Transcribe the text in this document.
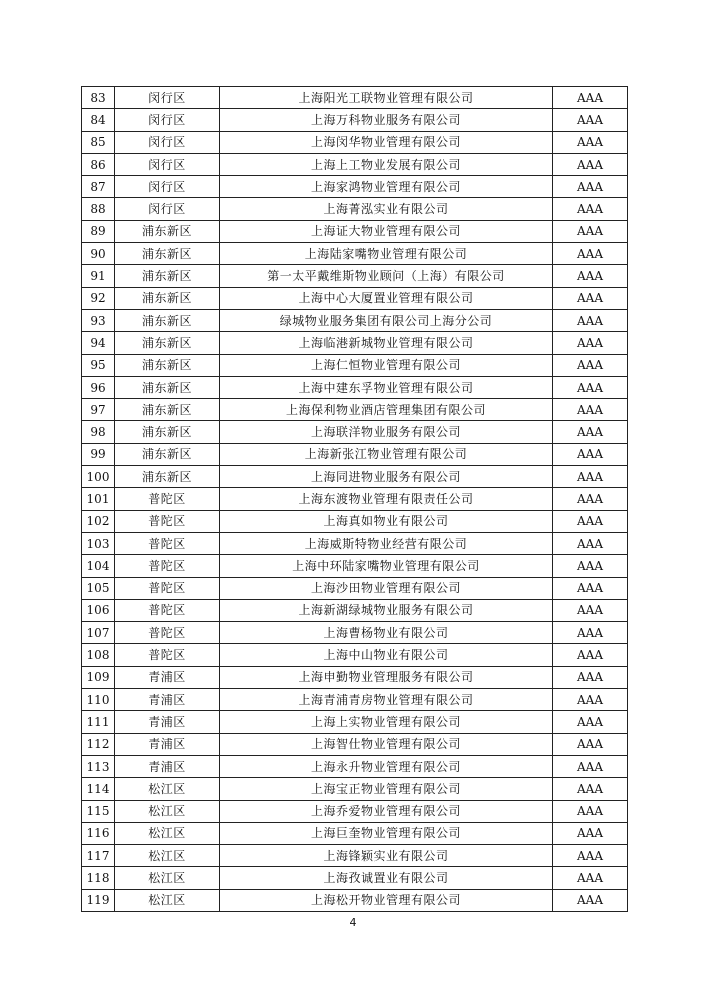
83	闵行区	上海阳光工联物业管理有限公司	AAA
84	闵行区	上海万科物业服务有限公司	AAA
85	闵行区	上海闵华物业管理有限公司	AAA
86	闵行区	上海上工物业发展有限公司	AAA
87	闵行区	上海家鸿物业管理有限公司	AAA
88	闵行区	上海菁泓实业有限公司	AAA
89	浦东新区	上海证大物业管理有限公司	AAA
90	浦东新区	上海陆家嘴物业管理有限公司	AAA
91	浦东新区	第一太平戴维斯物业顾问（上海）有限公司	AAA
92	浦东新区	上海中心大厦置业管理有限公司	AAA
93	浦东新区	绿城物业服务集团有限公司上海分公司	AAA
94	浦东新区	上海临港新城物业管理有限公司	AAA
95	浦东新区	上海仁恒物业管理有限公司	AAA
96	浦东新区	上海中建东孚物业管理有限公司	AAA
97	浦东新区	上海保利物业酒店管理集团有限公司	AAA
98	浦东新区	上海联洋物业服务有限公司	AAA
99	浦东新区	上海新张江物业管理有限公司	AAA
100	浦东新区	上海同进物业服务有限公司	AAA
101	普陀区	上海东渡物业管理有限责任公司	AAA
102	普陀区	上海真如物业有限公司	AAA
103	普陀区	上海威斯特物业经营有限公司	AAA
104	普陀区	上海中环陆家嘴物业管理有限公司	AAA
105	普陀区	上海沙田物业管理有限公司	AAA
106	普陀区	上海新湖绿城物业服务有限公司	AAA
107	普陀区	上海曹杨物业有限公司	AAA
108	普陀区	上海中山物业有限公司	AAA
109	青浦区	上海申勤物业管理服务有限公司	AAA
110	青浦区	上海青浦青房物业管理有限公司	AAA
111	青浦区	上海上实物业管理有限公司	AAA
112	青浦区	上海智仕物业管理有限公司	AAA
113	青浦区	上海永升物业管理有限公司	AAA
114	松江区	上海宝正物业管理有限公司	AAA
115	松江区	上海乔爱物业管理有限公司	AAA
116	松江区	上海巨奎物业管理有限公司	AAA
117	松江区	上海锋颖实业有限公司	AAA
118	松江区	上海孜诚置业有限公司	AAA
119	松江区	上海松开物业管理有限公司	AAA
4
